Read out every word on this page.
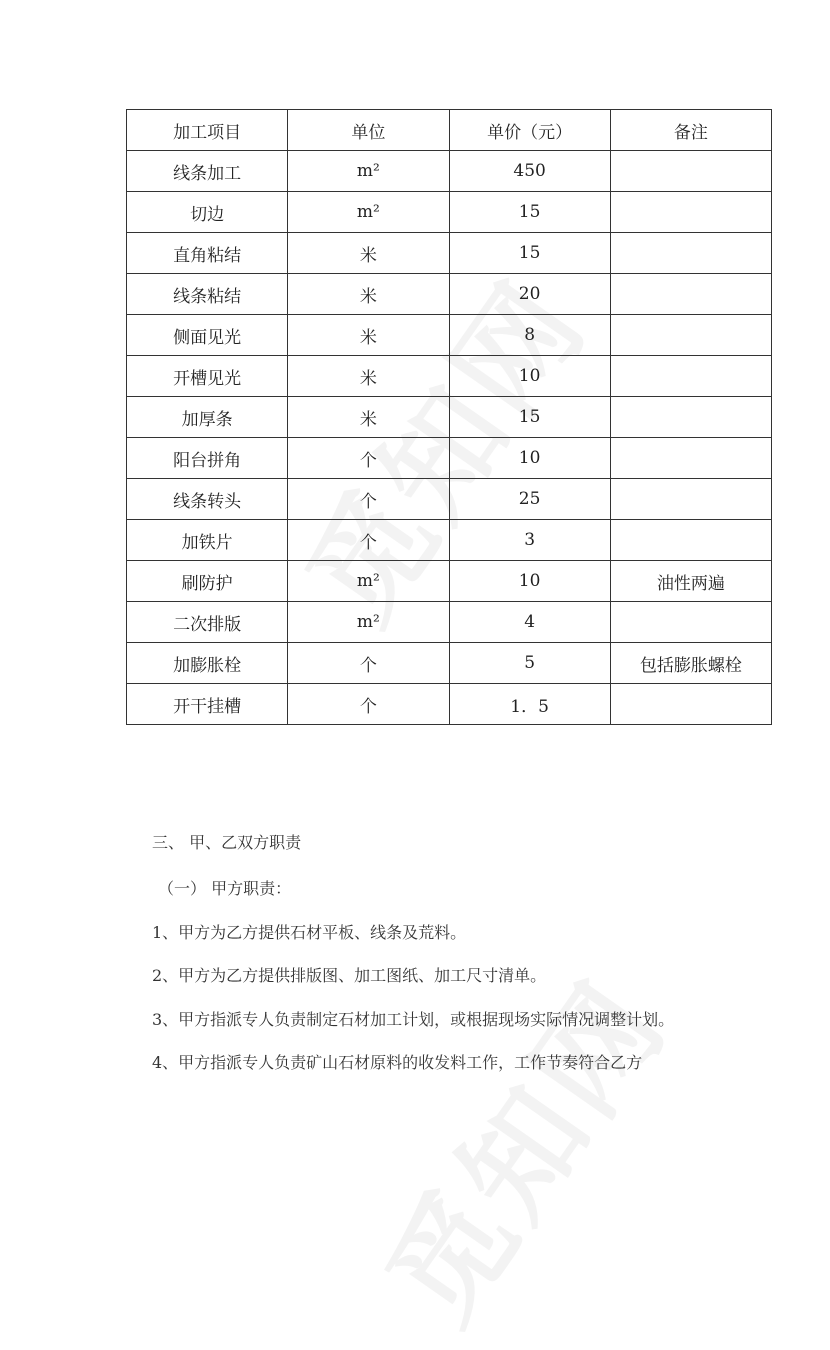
加工项目	单位	单价（元）	备注
线条加工	m²	450	
切边	m²	15	
直角粘结	米	15	
线条粘结	米	20	
侧面见光	米	8	
开槽见光	米	10	
加厚条	米	15	
阳台拼角	个	10	
线条转头	个	25	
加铁片	个	3	
刷防护	m²	10	油性两遍
二次排版	m²	4	
加膨胀栓	个	5	包括膨胀螺栓
开干挂槽	个	1．5	
三、 甲、乙双方职责
（一） 甲方职责：
1、甲方为乙方提供石材平板、线条及荒料。
2、甲方为乙方提供排版图、加工图纸、加工尺寸清单。
3、甲方指派专人负责制定石材加工计划，或根据现场实际情况调整计划。
4、甲方指派专人负责矿山石材原料的收发料工作，工作节奏符合乙方
